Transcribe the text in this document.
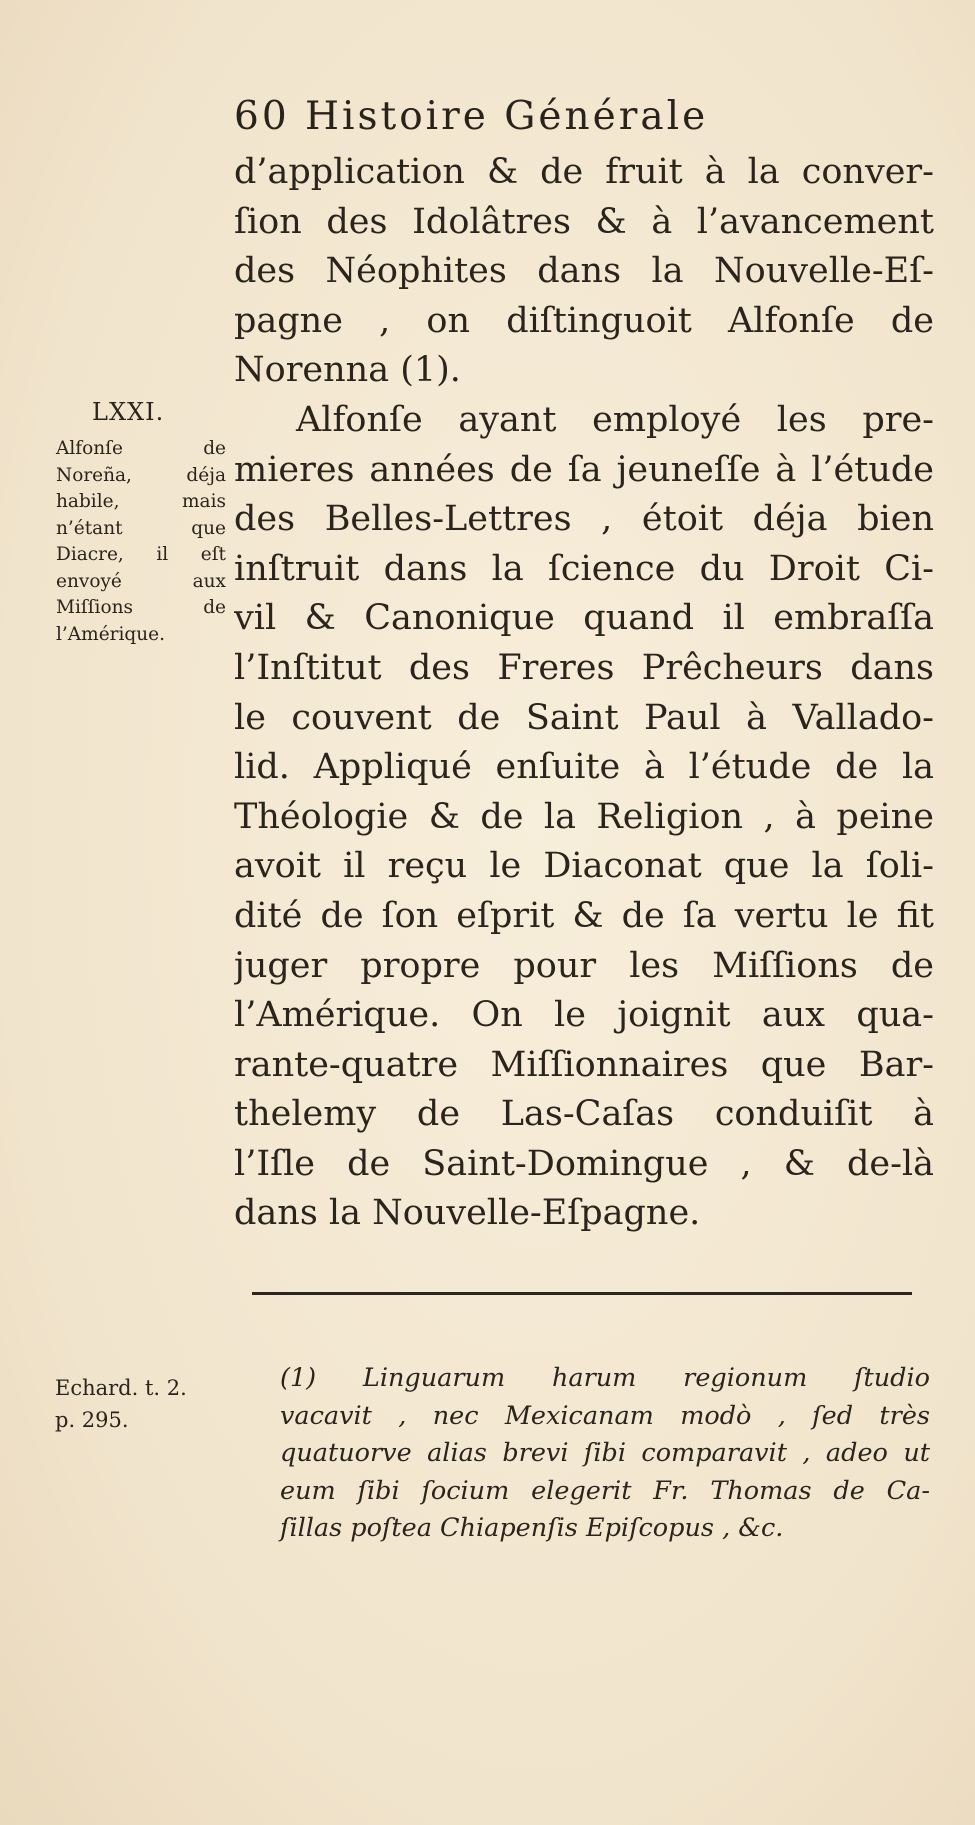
60 Histoire Générale
d’application & de fruit à la conver-
ſion des Idolâtres & à l’avancement
des Néophites dans la Nouvelle-Eſ-
pagne , on diſtinguoit Alfonſe de
Norenna (1).
Alfonſe ayant employé les pre-
mieres années de ſa jeuneſſe à l’étude
des Belles-Lettres , étoit déja bien
inſtruit dans la ſcience du Droit Ci-
vil & Canonique quand il embraſſa
l’Inſtitut des Freres Prêcheurs dans
le couvent de Saint Paul à Vallado-
lid. Appliqué enſuite à l’étude de la
Théologie & de la Religion , à peine
avoit il reçu le Diaconat que la ſoli-
dité de ſon eſprit & de ſa vertu le fit
juger propre pour les Miſſions de
l’Amérique. On le joignit aux qua-
rante-quatre Miſſionnaires que Bar-
thelemy de Las-Caſas conduiſit à
l’Iſle de Saint-Domingue , & de-là
dans la Nouvelle-Eſpagne.
LXXI.
Alfonſe de
Noreña, déja
habile, mais
n’étant que
Diacre, il eſt
envoyé aux
Miſſions de
l’Amérique.
Echard. t. 2.
p. 295.
(1) Linguarum harum regionum ſtudio
vacavit , nec Mexicanam modò , ſed très
quatuorve alias brevi ſibi comparavit , adeo ut
eum ſibi ſocium elegerit Fr. Thomas de Ca-
ſillas poſtea Chiapenſis Epiſcopus , &c.
